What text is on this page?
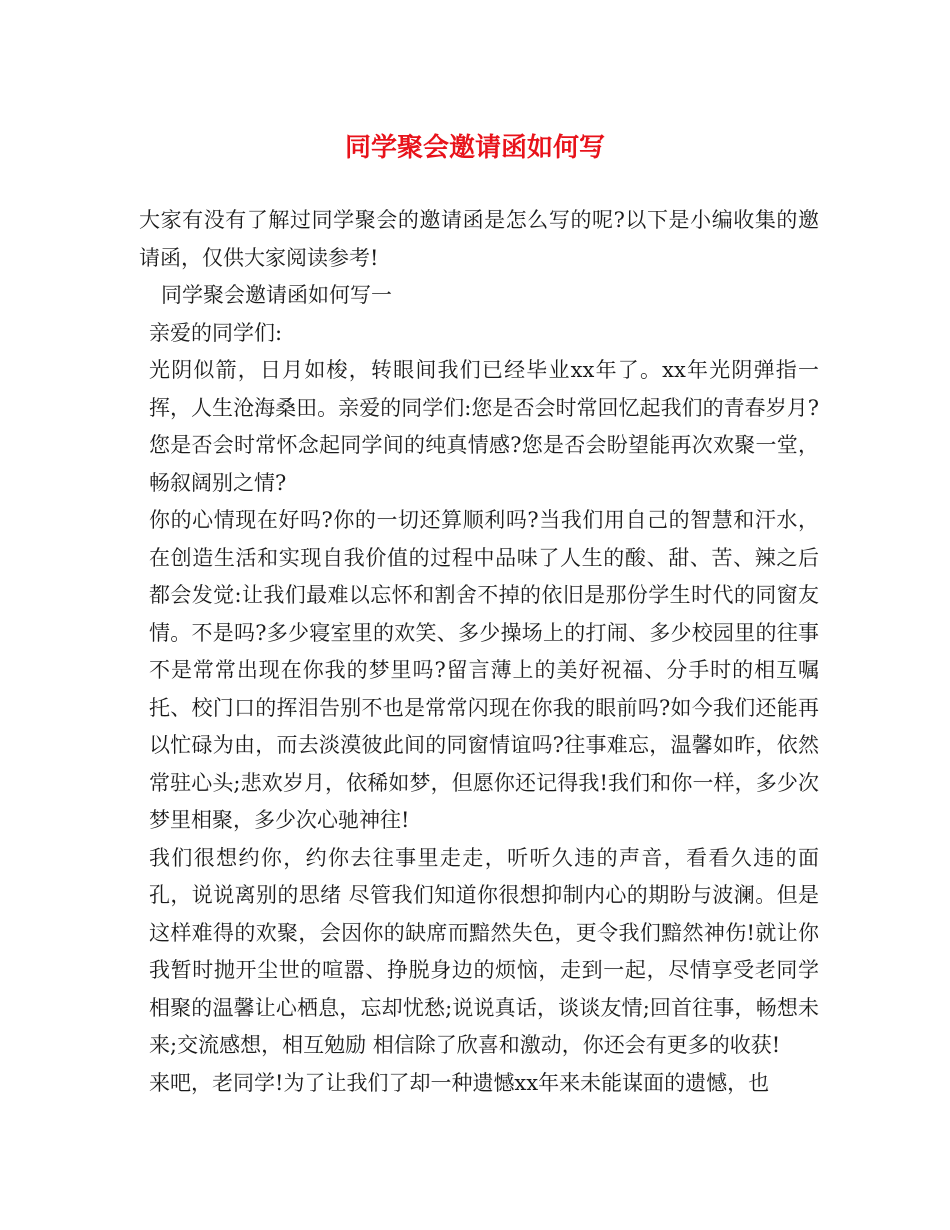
同学聚会邀请函如何写

大家有没有了解过同学聚会的邀请函是怎么写的呢?以下是小编收集的邀请函，仅供大家阅读参考!

同学聚会邀请函如何写一

亲爱的同学们:

光阴似箭，日月如梭，转眼间我们已经毕业xx年了。xx年光阴弹指一挥，人生沧海桑田。亲爱的同学们:您是否会时常回忆起我们的青春岁月?您是否会时常怀念起同学间的纯真情感?您是否会盼望能再次欢聚一堂，畅叙阔别之情?

你的心情现在好吗?你的一切还算顺利吗?当我们用自己的智慧和汗水，在创造生活和实现自我价值的过程中品味了人生的酸、甜、苦、辣之后都会发觉:让我们最难以忘怀和割舍不掉的依旧是那份学生时代的同窗友情。不是吗?多少寝室里的欢笑、多少操场上的打闹、多少校园里的往事不是常常出现在你我的梦里吗?留言薄上的美好祝福、分手时的相互嘱托、校门口的挥泪告别不也是常常闪现在你我的眼前吗?如今我们还能再以忙碌为由，而去淡漠彼此间的同窗情谊吗?往事难忘，温馨如昨，依然常驻心头;悲欢岁月，依稀如梦，但愿你还记得我!我们和你一样，多少次梦里相聚，多少次心驰神往!

我们很想约你，约你去往事里走走，听听久违的声音，看看久违的面孔，说说离别的思绪 尽管我们知道你很想抑制内心的期盼与波澜。但是这样难得的欢聚，会因你的缺席而黯然失色，更令我们黯然神伤!就让你我暂时抛开尘世的喧嚣、挣脱身边的烦恼，走到一起，尽情享受老同学相聚的温馨让心栖息，忘却忧愁;说说真话，谈谈友情;回首往事，畅想未来;交流感想，相互勉励 相信除了欣喜和激动，你还会有更多的收获!

来吧，老同学!为了让我们了却一种遗憾xx年来未能谋面的遗憾，也
